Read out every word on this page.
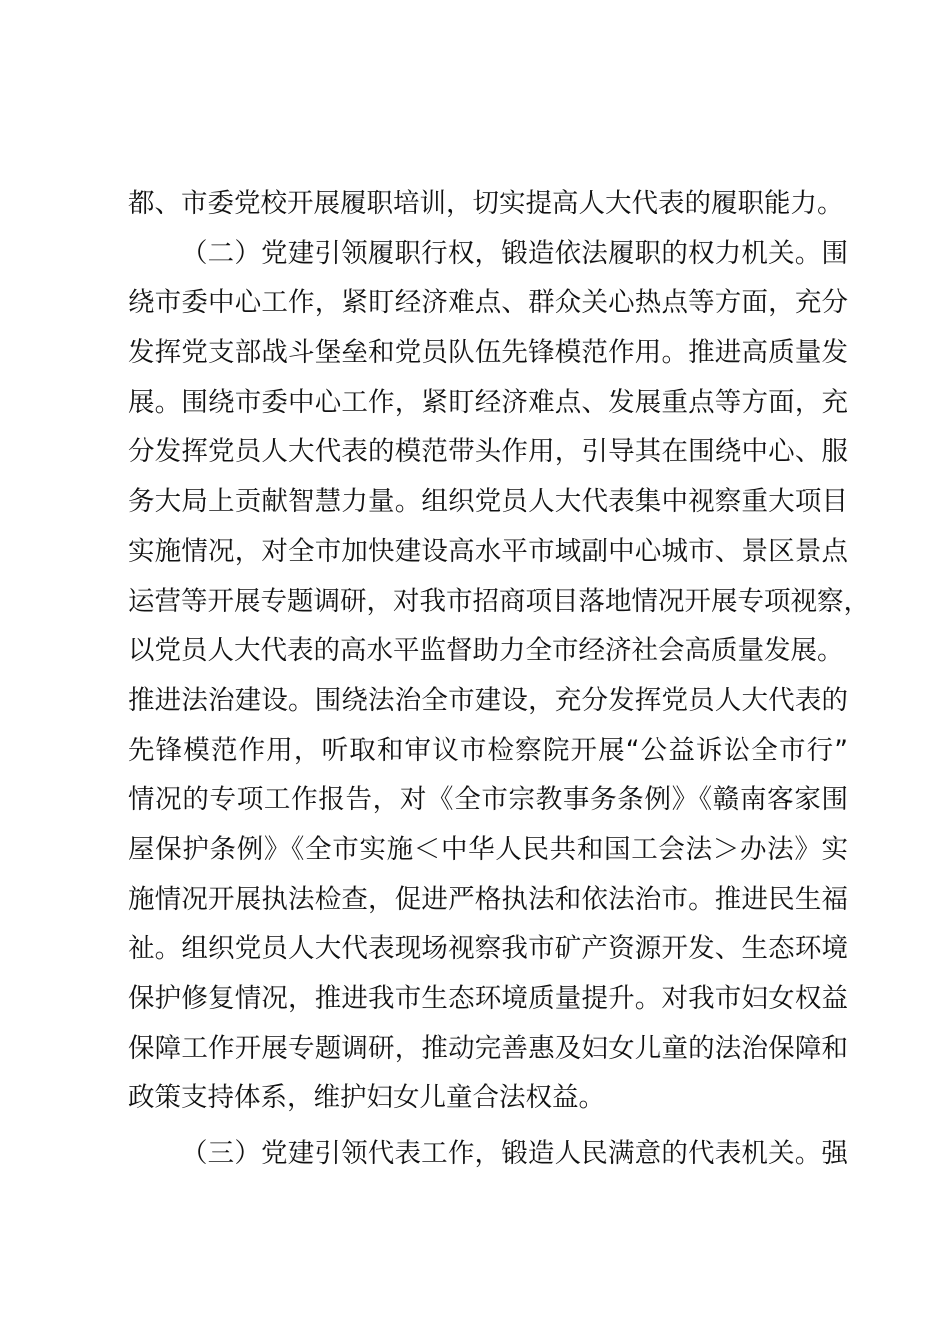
都、市委党校开展履职培训，切实提高人大代表的履职能力。
（二）党建引领履职行权，锻造依法履职的权力机关。围
绕市委中心工作，紧盯经济难点、群众关心热点等方面，充分
发挥党支部战斗堡垒和党员队伍先锋模范作用。推进高质量发
展。围绕市委中心工作，紧盯经济难点、发展重点等方面，充
分发挥党员人大代表的模范带头作用，引导其在围绕中心、服
务大局上贡献智慧力量。组织党员人大代表集中视察重大项目
实施情况，对全市加快建设高水平市域副中心城市、景区景点
运营等开展专题调研，对我市招商项目落地情况开展专项视察，
以党员人大代表的高水平监督助力全市经济社会高质量发展。
推进法治建设。围绕法治全市建设，充分发挥党员人大代表的
先锋模范作用，听取和审议市检察院开展“公益诉讼全市行”
情况的专项工作报告，对《全市宗教事务条例》《赣南客家围
屋保护条例》《全市实施＜中华人民共和国工会法＞办法》实
施情况开展执法检查，促进严格执法和依法治市。推进民生福
祉。组织党员人大代表现场视察我市矿产资源开发、生态环境
保护修复情况，推进我市生态环境质量提升。对我市妇女权益
保障工作开展专题调研，推动完善惠及妇女儿童的法治保障和
政策支持体系，维护妇女儿童合法权益。
（三）党建引领代表工作，锻造人民满意的代表机关。强
